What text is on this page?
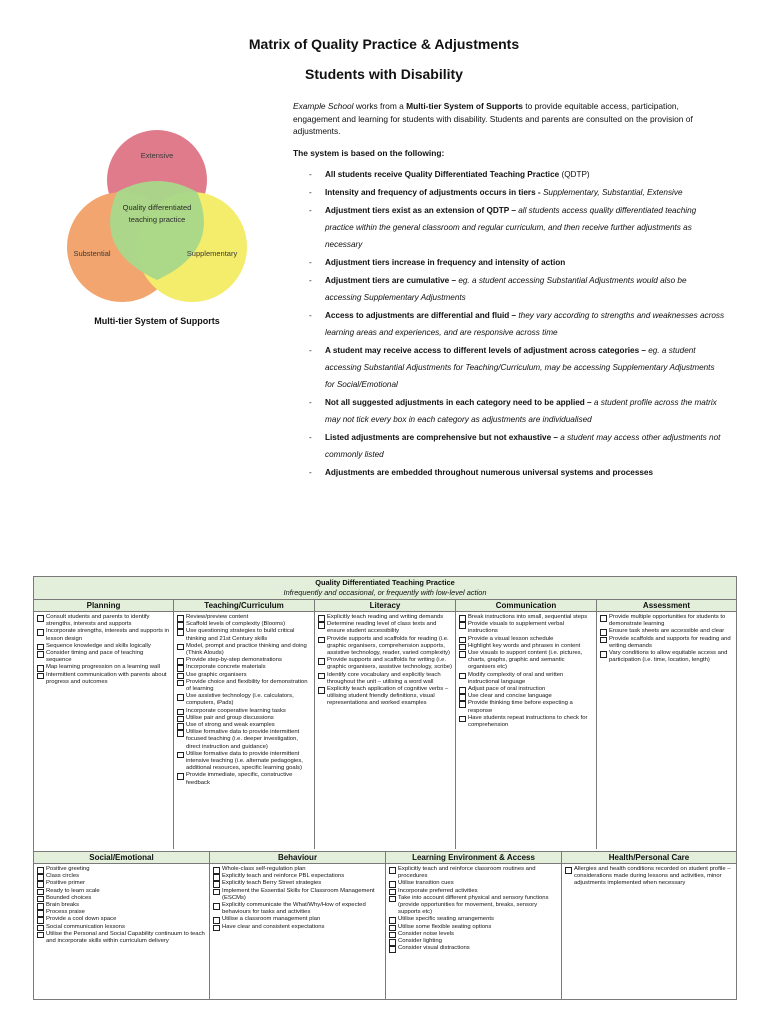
Matrix of Quality Practice & Adjustments
Students with Disability
Extensive
Quality differentiated
teaching practice
Substential	Supplementary
Multi-tier System of Supports

Example School works from a Multi-tier System of Supports to provide equitable access, participation, engagement and learning for students with disability. Students and parents are consulted on the provision of adjustments.

The system is based on the following:
- All students receive Quality Differentiated Teaching Practice (QDTP)
- Intensity and frequency of adjustments occurs in tiers - Supplementary, Substantial, Extensive
- Adjustment tiers exist as an extension of QDTP – all students access quality differentiated teaching practice within the general classroom and regular curriculum, and then receive further adjustments as necessary
- Adjustment tiers increase in frequency and intensity of action
- Adjustment tiers are cumulative – eg. a student accessing Substantial Adjustments would also be accessing Supplementary Adjustments
- Access to adjustments are differential and fluid – they vary according to strengths and weaknesses across learning areas and experiences, and are responsive across time
- A student may receive access to different levels of adjustment across categories – eg. a student accessing Substantial Adjustments for Teaching/Curriculum, may be accessing Supplementary Adjustments for Social/Emotional
- Not all suggested adjustments in each category need to be applied – a student profile across the matrix may not tick every box in each category as adjustments are individualised
- Listed adjustments are comprehensive but not exhaustive – a student may access other adjustments not commonly listed
- Adjustments are embedded throughout numerous universal systems and processes
Quality Differentiated Teaching Practice
Infrequently and occasional, or frequently with low-level action
Planning
Consult students and parents to identify strengths, interests and supports
Incorporate strengths, interests and supports in lesson design
Sequence knowledge and skills logically
Consider timing and pace of teaching sequence
Map learning progression on a learning wall
Intermittent communication with parents about progress and outcomes
Teaching/Curriculum
Review/preview content
Scaffold levels of complexity (Blooms)
Use questioning strategies to build critical thinking and 21st Century skills
Model, prompt and practice thinking and doing (Think Alouds)
Provide step-by-step demonstrations
Incorporate concrete materials
Use graphic organisers
Provide choice and flexibility for demonstration of learning
Use assistive technology (i.e. calculators, computers, iPads)
Incorporate cooperative learning tasks
Utilise pair and group discussions
Use of strong and weak examples
Utilise formative data to provide intermittent focused teaching (i.e. deeper investigation, direct instruction and guidance)
Utilise formative data to provide intermittent intensive teaching (i.e. alternate pedagogies, additional resources, specific learning goals)
Provide immediate, specific, constructive feedback
Literacy
Explicitly teach reading and writing demands
Determine reading level of class texts and ensure student accessibility
Provide supports and scaffolds for reading (i.e. graphic organisers, comprehension supports, assistive technology, reader, varied complexity)
Provide supports and scaffolds for writing (i.e. graphic organisers, assistive technology, scribe)
Identify core vocabulary and explicitly teach throughout the unit – utilising a word wall
Explicitly teach application of cognitive verbs – utilising student friendly definitions, visual representations and worked examples
Communication
Break instructions into small, sequential steps
Provide visuals to supplement verbal instructions
Provide a visual lesson schedule
Highlight key words and phrases in content
Use visuals to support content (i.e. pictures, charts, graphs, graphic and semantic organisers etc)
Modify complexity of oral and written instructional language
Adjust pace of oral instruction
Use clear and concise language
Provide thinking time before expecting a response
Have students repeat instructions to check for comprehension
Assessment
Provide multiple opportunities for students to demonstrate learning
Ensure task sheets are accessible and clear
Provide scaffolds and supports for reading and writing demands
Vary conditions to allow equitable access and participation (i.e. time, location, length)
Social/Emotional
Positive greeting
Class circles
Positive primer
Ready to learn scale
Bounded choices
Brain breaks
Process praise
Provide a cool down space
Social communication lessons
Utilise the Personal and Social Capability continuum to teach and incorporate skills within curriculum delivery
Behaviour
Whole-class self-regulation plan
Explicitly teach and reinforce PBL expectations
Explicitly teach Berry Street strategies
Implement the Essential Skills for Classroom Management (ESCMs)
Explicitly communicate the What/Why/How of expected behaviours for tasks and activities
Utilise a classroom management plan
Have clear and consistent expectations
Learning Environment & Access
Explicitly teach and reinforce classroom routines and procedures
Utilise transition cues
Incorporate preferred activities
Take into account different physical and sensory functions (provide opportunities for movement, breaks, sensory supports etc)
Utilise specific seating arrangements
Utilise some flexible seating options
Consider noise levels
Consider lighting
Consider visual distractions
Health/Personal Care
Allergies and health conditions recorded on student profile – considerations made during lessons and activities, minor adjustments implemented when necessary
